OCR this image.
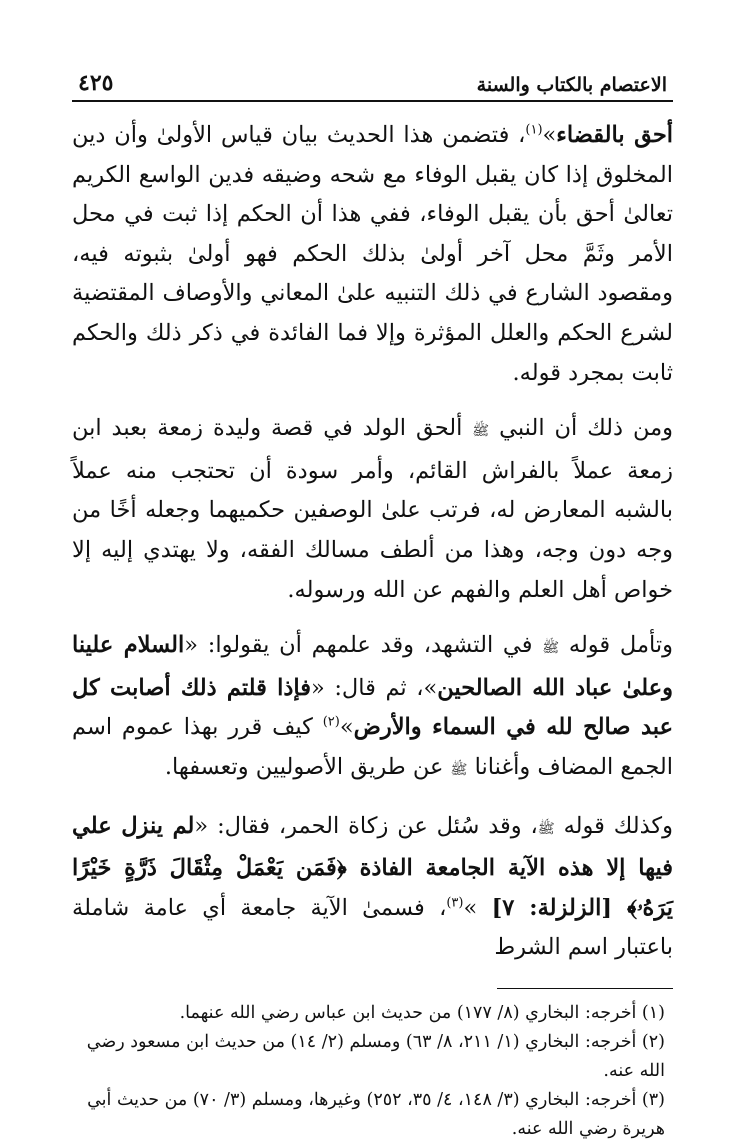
الاعتصام بالكتاب والسنة
٤٢٥

أحق بالقضاء»$^{(١)}$، فتضمن هذا الحديث بيان قياس الأولىٰ وأن دين المخلوق إذا كان يقبل الوفاء مع شحه وضيقه فدين الواسع الكريم تعالىٰ أحق بأن يقبل الوفاء، ففي هذا أن الحكم إذا ثبت في محل الأمر وثَمَّ محل آخر أولىٰ بذلك الحكم فهو أولىٰ بثبوته فيه، ومقصود الشارع في ذلك التنبيه علىٰ المعاني والأوصاف المقتضية لشرع الحكم والعلل المؤثرة وإلا فما الفائدة في ذكر ذلك والحكم ثابت بمجرد قوله.

ومن ذلك أن النبي ﷺ ألحق الولد في قصة وليدة زمعة بعبد ابن زمعة عملاً بالفراش القائم، وأمر سودة أن تحتجب منه عملاً بالشبه المعارض له، فرتب علىٰ الوصفين حكميهما وجعله أخًا من وجه دون وجه، وهذا من ألطف مسالك الفقه، ولا يهتدي إليه إلا خواص أهل العلم والفهم عن الله ورسوله.

وتأمل قوله ﷺ في التشهد، وقد علمهم أن يقولوا: «السلام علينا وعلىٰ عباد الله الصالحين»، ثم قال: «فإذا قلتم ذلك أصابت كل عبد صالح لله في السماء والأرض»$^{(٢)}$ كيف قرر بهذا عموم اسم الجمع المضاف وأغنانا ﷺ عن طريق الأصوليين وتعسفها.

وكذلك قوله ﷺ، وقد سُئل عن زكاة الحمر، فقال: «لم ينزل علي فيها إلا هذه الآية الجامعة الفاذة ﴿فَمَن يَعْمَلْ مِثْقَالَ ذَرَّةٍ خَيْرًا يَرَهُۥ﴾ [الزلزلة: ٧] »$^{(٣)}$، فسمىٰ الآية جامعة أي عامة شاملة باعتبار اسم الشرط

(١) أخرجه: البخاري (٨/ ١٧٧) من حديث ابن عباس رضي الله عنهما.

(٢) أخرجه: البخاري (١/ ٢١١، ٨/ ٦٣) ومسلم (٢/ ١٤) من حديث ابن مسعود رضي الله عنه.

(٣) أخرجه: البخاري (٣/ ١٤٨، ٤/ ٣٥، ٢٥٢) وغيرها، ومسلم (٣/ ٧٠) من حديث أبي هريرة رضي الله عنه.
